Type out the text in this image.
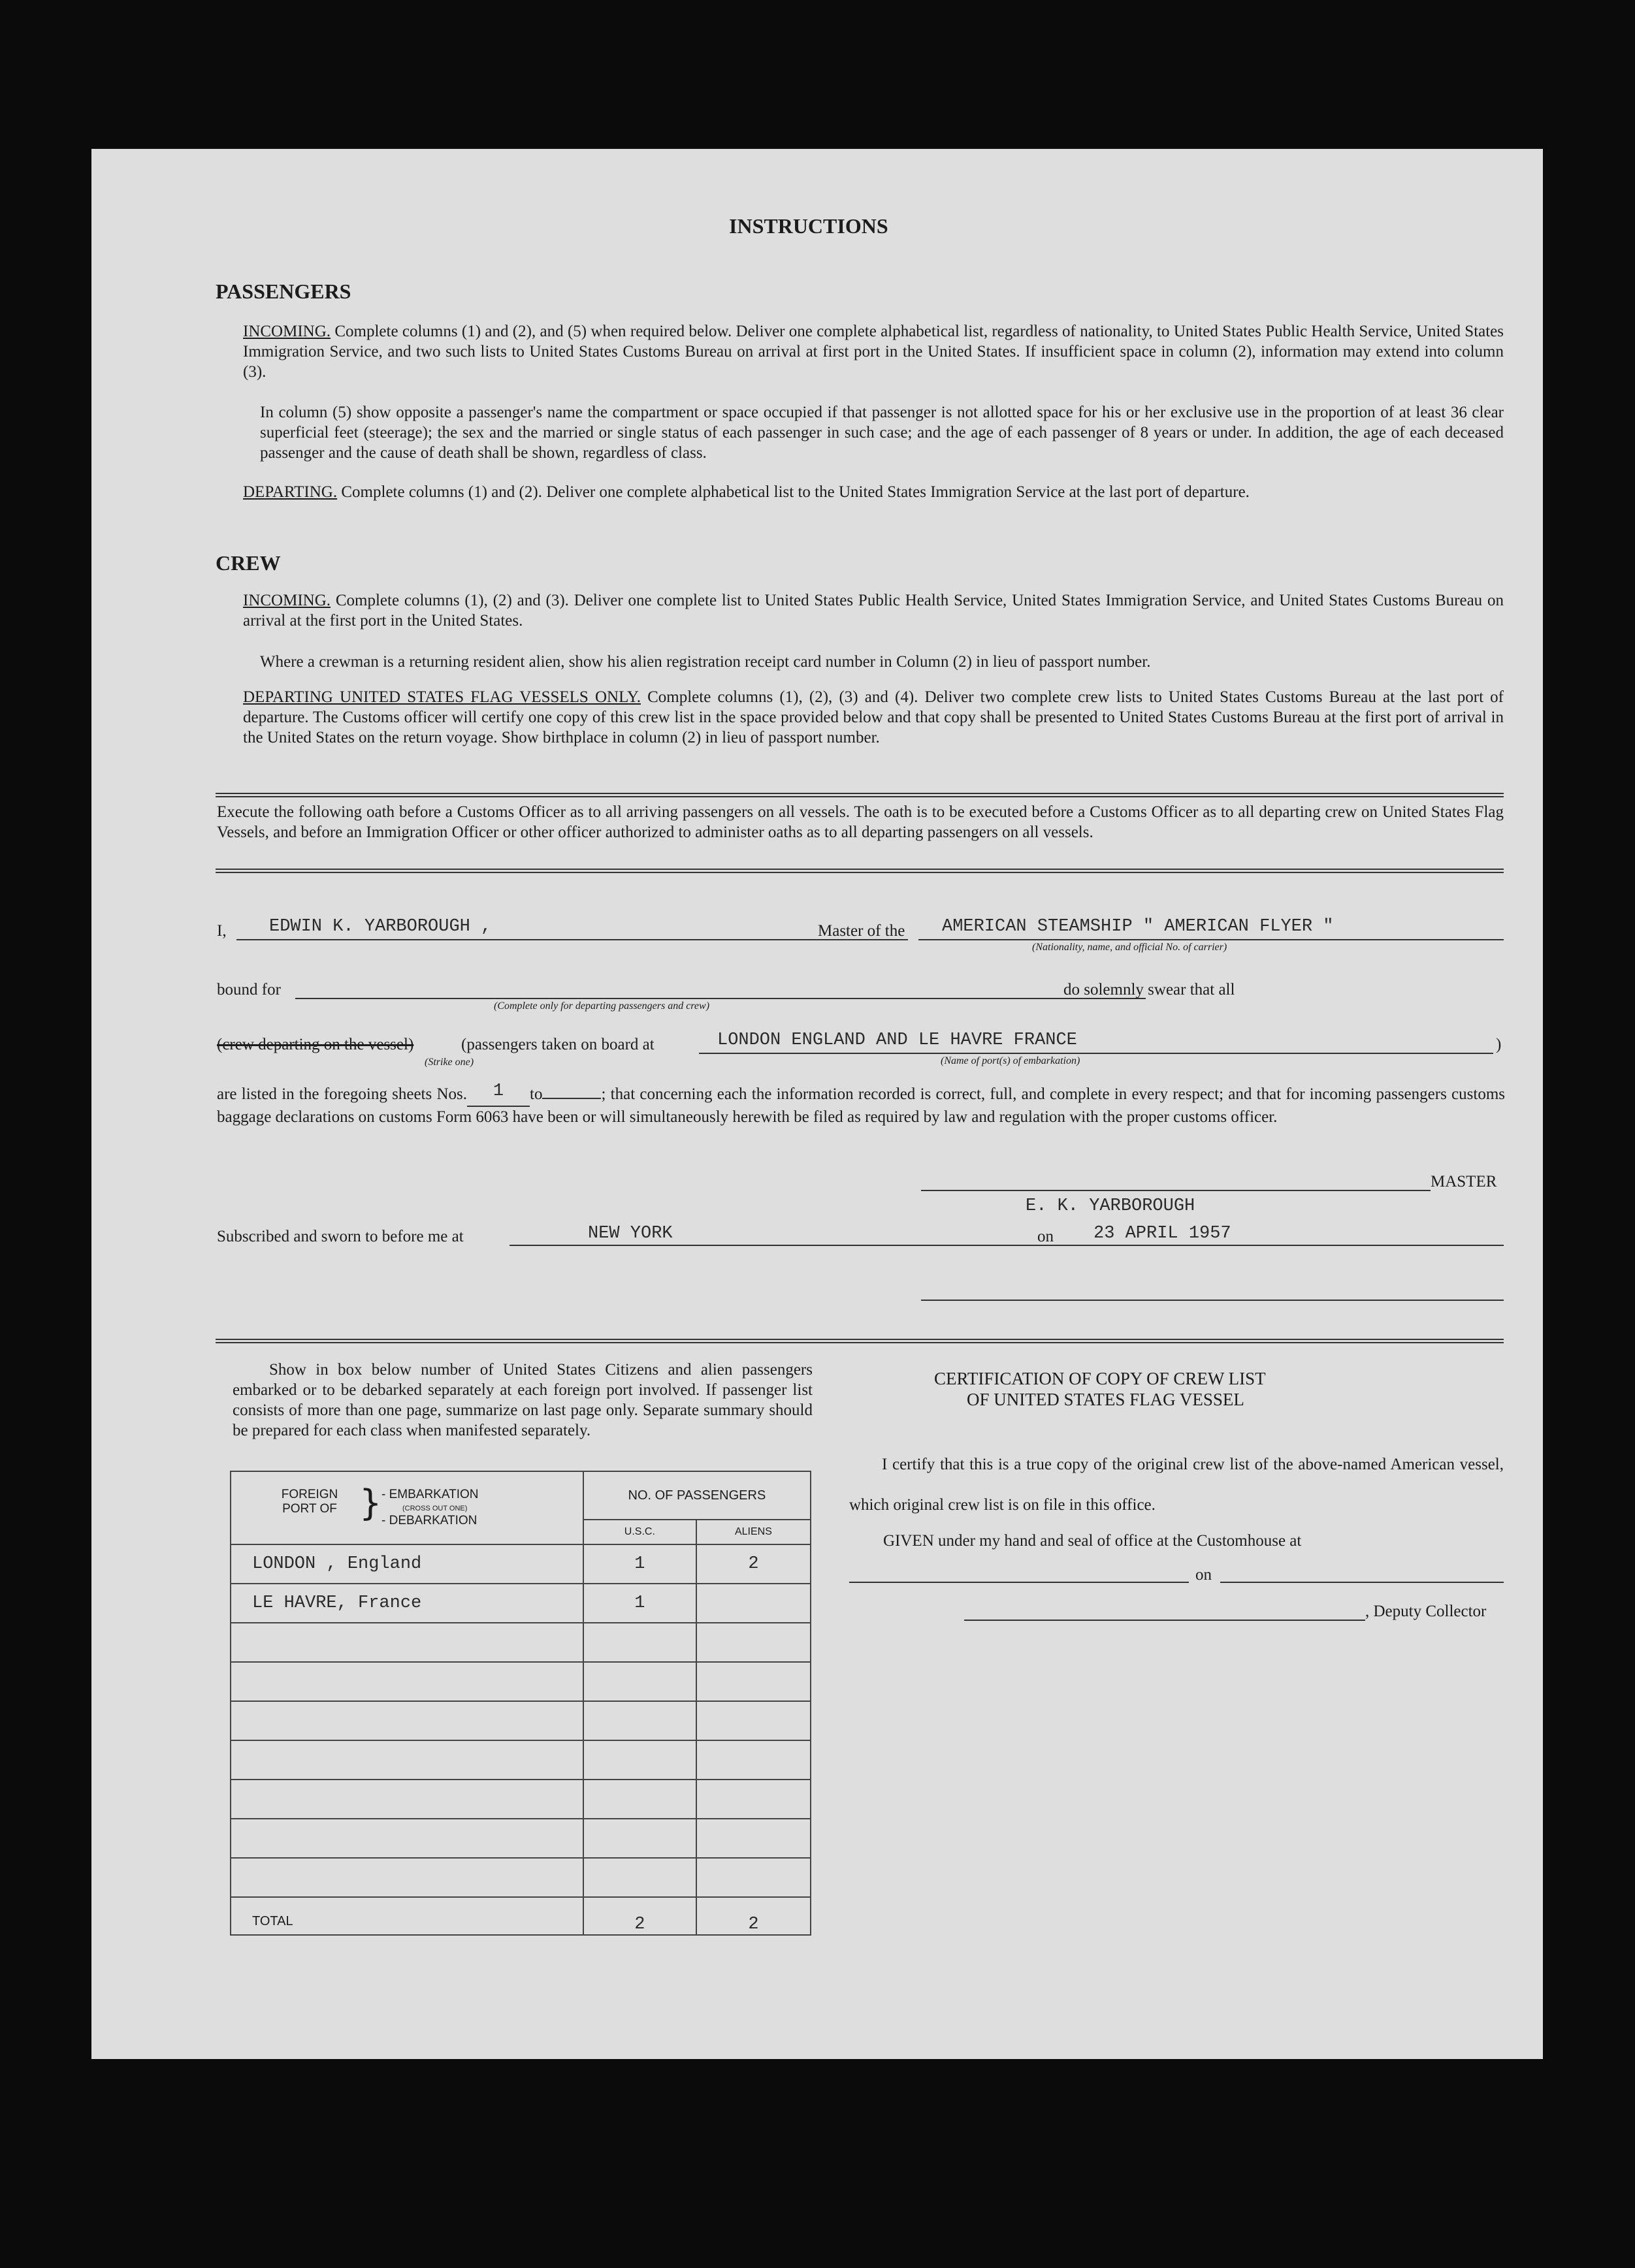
INSTRUCTIONS
PASSENGERS

INCOMING. Complete columns (1) and (2), and (5) when required below. Deliver one complete alphabetical list, regardless of nationality, to United States Public Health Service, United States Immigration Service, and two such lists to United States Customs Bureau on arrival at first port in the United States. If insufficient space in column (2), information may extend into column (3).

In column (5) show opposite a passenger's name the compartment or space occupied if that passenger is not allotted space for his or her exclusive use in the proportion of at least 36 clear superficial feet (steerage); the sex and the married or single status of each passenger in such case; and the age of each passenger of 8 years or under. In addition, the age of each deceased passenger and the cause of death shall be shown, regardless of class.

DEPARTING. Complete columns (1) and (2). Deliver one complete alphabetical list to the United States Immigration Service at the last port of departure.

CREW

INCOMING. Complete columns (1), (2) and (3). Deliver one complete list to United States Public Health Service, United States Immigration Service, and United States Customs Bureau on arrival at the first port in the United States.

Where a crewman is a returning resident alien, show his alien registration receipt card number in Column (2) in lieu of passport number.

DEPARTING UNITED STATES FLAG VESSELS ONLY. Complete columns (1), (2), (3) and (4). Deliver two complete crew lists to United States Customs Bureau at the last port of departure. The Customs officer will certify one copy of this crew list in the space provided below and that copy shall be presented to United States Customs Bureau at the first port of arrival in the United States on the return voyage. Show birthplace in column (2) in lieu of passport number.

Execute the following oath before a Customs Officer as to all arriving passengers on all vessels. The oath is to be executed before a Customs Officer as to all departing crew on United States Flag Vessels, and before an Immigration Officer or other officer authorized to administer oaths as to all departing passengers on all vessels.

I, EDWIN K. YARBOROUGH ,	Master of the AMERICAN STEAMSHIP " AMERICAN FLYER "
(Nationality, name, and official No. of carrier)
bound for
(Complete only for departing passengers and crew)
do solemnly swear that all
(crew departing on the vessel)
(Strike one)
(passengers taken on board at	LONDON ENGLAND AND LE HAVRE FRANCE
(Name of port(s) of embarkation)
)

are listed in the foregoing sheets Nos. 1 to	; that concerning each the information recorded is correct, full, and complete in every respect; and that for incoming passengers customs baggage declarations on customs Form 6063 have been or will simultaneously herewith be filed as required by law and regulation with the proper customs officer.

MASTER
E. K. YARBOROUGH
Subscribed and sworn to before me at	NEW YORK	on 23 APRIL 1957

Show in box below number of United States Citizens and alien passengers embarked or to be debarked separately at each foreign port involved. If passenger list consists of more than one page, summarize on last page only. Separate summary should be prepared for each class when manifested separately.

FOREIGN PORT OF } - EMBARKATION
(CROSS OUT ONE)
- DEBARKATION	NO. OF PASSENGERS	
	U.S.C.	ALIENS
LONDON , England	1	2
LE HAVRE, France	1	

TOTAL	2	2
CERTIFICATION OF COPY OF CREW LIST
OF UNITED STATES FLAG VESSEL

I certify that this is a true copy of the original crew list of the above-named American vessel, which original crew list is on file in this office.

GIVEN under my hand and seal of office at the Customhouse at
on
, Deputy Collector
